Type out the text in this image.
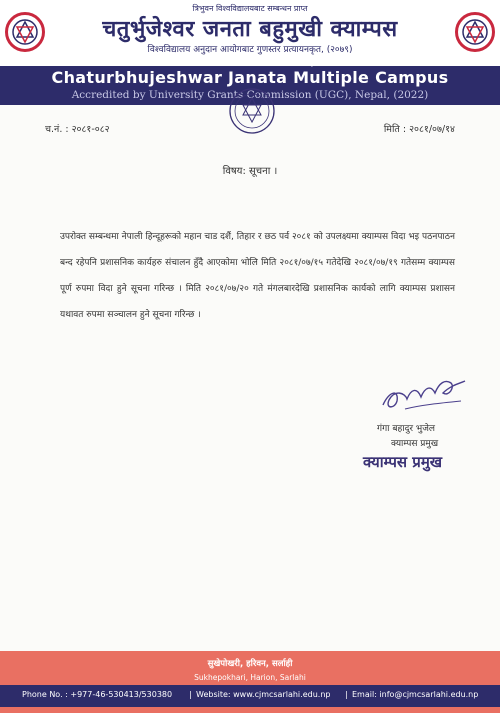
त्रिभुवन विश्वविद्यालयबाट सम्बन्धन प्राप्त
चतुर्भुजेश्वर जनता बहुमुखी क्याम्पस
विश्वविद्यालय अनुदान आयोगबाट गुणस्तर प्रत्यायनकृत, (२०७९)
Affiliated to Tribhuvan University
Chaturbhujeshwar Janata Multiple Campus
Accredited by University Grants Commission (UGC), Nepal, (2022)
च.नं. : २०८१-०८२	मिति : २०८१/०७/१४
विषय: सूचना ।
उपरोक्त सम्बन्धमा नेपाली हिन्दूहरूको महान चाड दशैं, तिहार र छठ पर्व २०८१ को उपलक्ष्यमा क्याम्पस विदा भइ पठनपाठन बन्द रहेपनि प्रशासनिक कार्यहरु संचालन हुँदै आएकोमा भोलि मिति २०८१/०७/१५ गतेदेखि २०८१/०७/१९ गतेसम्म क्याम्पस पूर्ण रुपमा विदा हुने सूचना गरिन्छ । मिति २०८१/०७/२० गते मंगलबारदेखि प्रशासनिक कार्यको लागि क्याम्पस प्रशासन यथावत रुपमा सञ्चालन हुने सूचना गरिन्छ ।
गंगा बहादुर भुजेल
क्याम्पस प्रमुख
क्याम्पस प्रमुख
सुखेपोखरी, हरिवन, सर्लाही
Sukhepokhari, Harion, Sarlahi
Phone No. : +977-46-530413/530380 | Website: www.cjmcsarlahi.edu.np | Email: info@cjmcsarlahi.edu.np
